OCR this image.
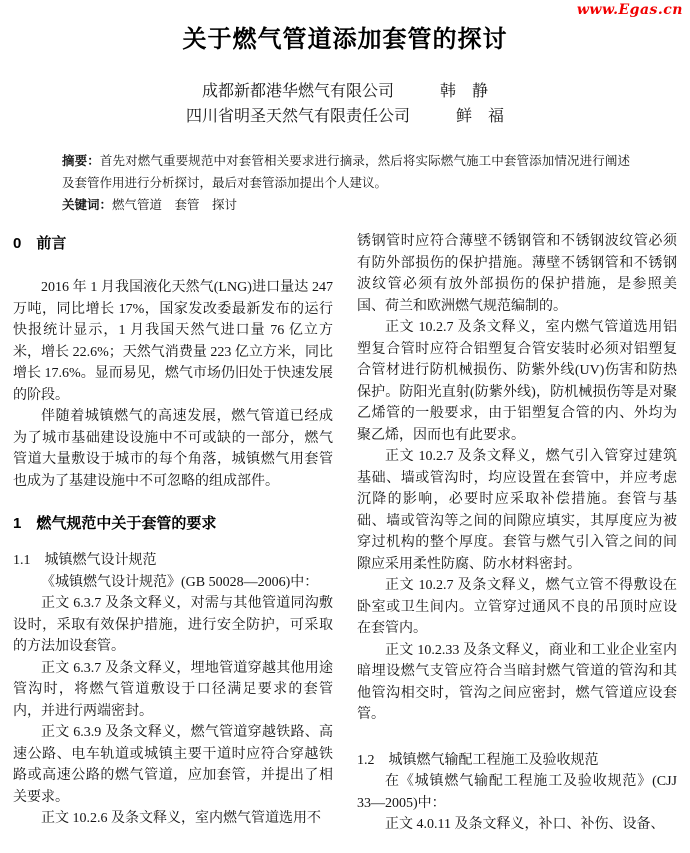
www.Egas.cn
关于燃气管道添加套管的探讨
成都新都港华燃气有限公司	韩　静
四川省明圣天然气有限责任公司	鲜　福

摘要：首先对燃气重要规范中对套管相关要求进行摘录，然后将实际燃气施工中套管添加情况进行阐述及套管作用进行分析探讨，最后对套管添加提出个人建议。

关键词：燃气管道　套管　探讨

0　前言

2016 年 1 月我国液化天然气(LNG)进口量达 247 万吨，同比增长 17%，国家发改委最新发布的运行快报统计显示，1 月我国天然气进口量 76 亿立方米，增长 22.6%；天然气消费量 223 亿立方米，同比增长 17.6%。显而易见，燃气市场仍旧处于快速发展的阶段。

伴随着城镇燃气的高速发展，燃气管道已经成为了城市基础建设设施中不可或缺的一部分，燃气管道大量敷设于城市的每个角落，城镇燃气用套管也成为了基建设施中不可忽略的组成部件。

1　燃气规范中关于套管的要求
1.1　城镇燃气设计规范

《城镇燃气设计规范》(GB 50028—2006)中：

正文 6.3.7 及条文释义，对需与其他管道同沟敷设时，采取有效保护措施，进行安全防护，可采取的方法加设套管。

正文 6.3.7 及条文释义，埋地管道穿越其他用途管沟时，将燃气管道敷设于口径满足要求的套管内，并进行两端密封。

正文 6.3.9 及条文释义，燃气管道穿越铁路、高速公路、电车轨道或城镇主要干道时应符合穿越铁路或高速公路的燃气管道，应加套管，并提出了相关要求。

正文 10.2.6 及条文释义，室内燃气管道选用不

锈钢管时应符合薄壁不锈钢管和不锈钢波纹管必须有防外部损伤的保护措施。薄壁不锈钢管和不锈钢波纹管必须有放外部损伤的保护措施，是参照美国、荷兰和欧洲燃气规范编制的。

正文 10.2.7 及条文释义，室内燃气管道选用铝塑复合管时应符合铝塑复合管安装时必须对铝塑复合管材进行防机械损伤、防紫外线(UV)伤害和防热保护。防阳光直射(防紫外线)，防机械损伤等是对聚乙烯管的一般要求，由于铝塑复合管的内、外均为聚乙烯，因而也有此要求。

正文 10.2.7 及条文释义，燃气引入管穿过建筑基础、墙或管沟时，均应设置在套管中，并应考虑沉降的影响，必要时应采取补偿措施。套管与基础、墙或管沟等之间的间隙应填实，其厚度应为被穿过机构的整个厚度。套管与燃气引入管之间的间隙应采用柔性防腐、防水材料密封。

正文 10.2.7 及条文释义，燃气立管不得敷设在卧室或卫生间内。立管穿过通风不良的吊顶时应设在套管内。

正文 10.2.33 及条文释义，商业和工业企业室内暗埋设燃气支管应符合当暗封燃气管道的管沟和其他管沟相交时，管沟之间应密封，燃气管道应设套管。

1.2　城镇燃气输配工程施工及验收规范

在《城镇燃气输配工程施工及验收规范》(CJJ 33—2005)中：

正文 4.0.11 及条文释义，补口、补伤、设备、
